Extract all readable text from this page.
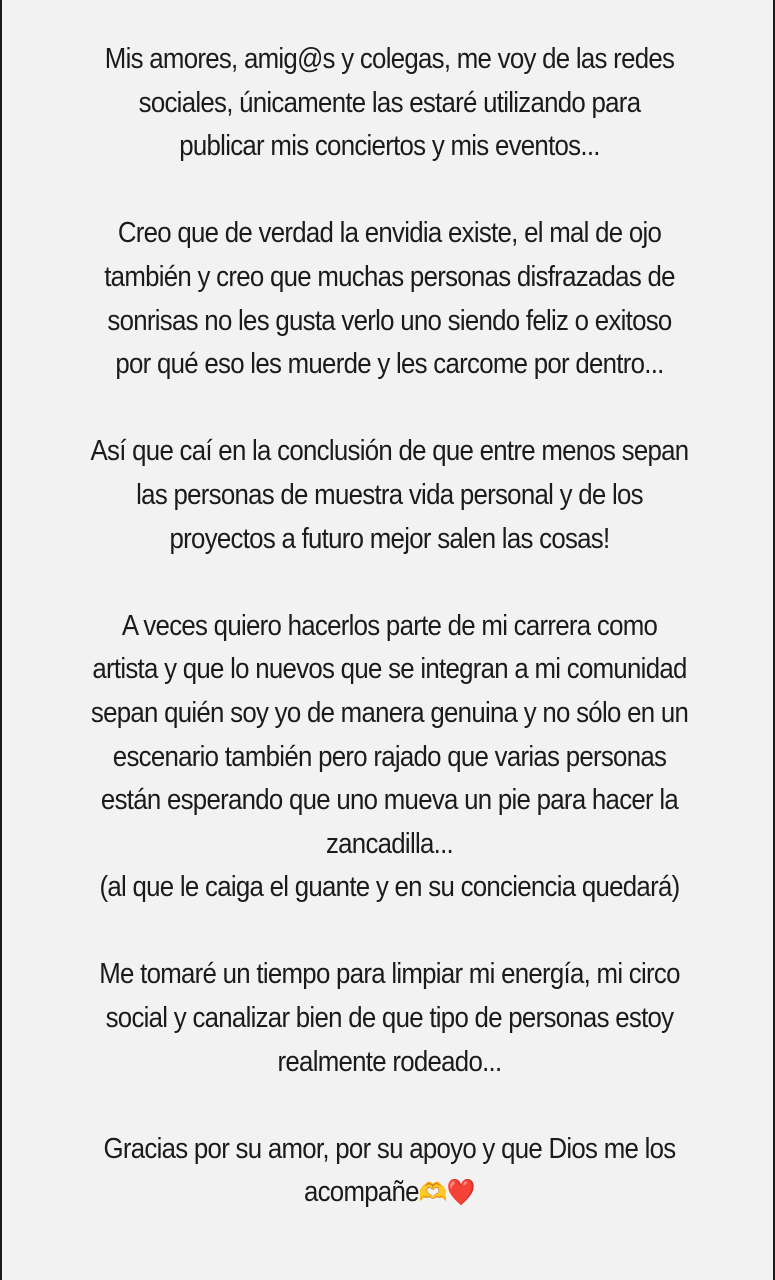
Mis amores, amig@s y colegas, me voy de las redes
sociales, únicamente las estaré utilizando para
publicar mis conciertos y mis eventos...

Creo que de verdad la envidia existe, el mal de ojo
también y creo que muchas personas disfrazadas de
sonrisas no les gusta verlo uno siendo feliz o exitoso
por qué eso les muerde y les carcome por dentro...

Así que caí en la conclusión de que entre menos sepan
las personas de muestra vida personal y de los
proyectos a futuro mejor salen las cosas!

A veces quiero hacerlos parte de mi carrera como
artista y que lo nuevos que se integran a mi comunidad
sepan quién soy yo de manera genuina y no sólo en un
escenario también pero rajado que varias personas
están esperando que uno mueva un pie para hacer la
zancadilla...
(al que le caiga el guante y en su conciencia quedará)

Me tomaré un tiempo para limpiar mi energía, mi circo
social y canalizar bien de que tipo de personas estoy
realmente rodeado...

Gracias por su amor, por su apoyo y que Dios me los
acompañe🫶❤️
